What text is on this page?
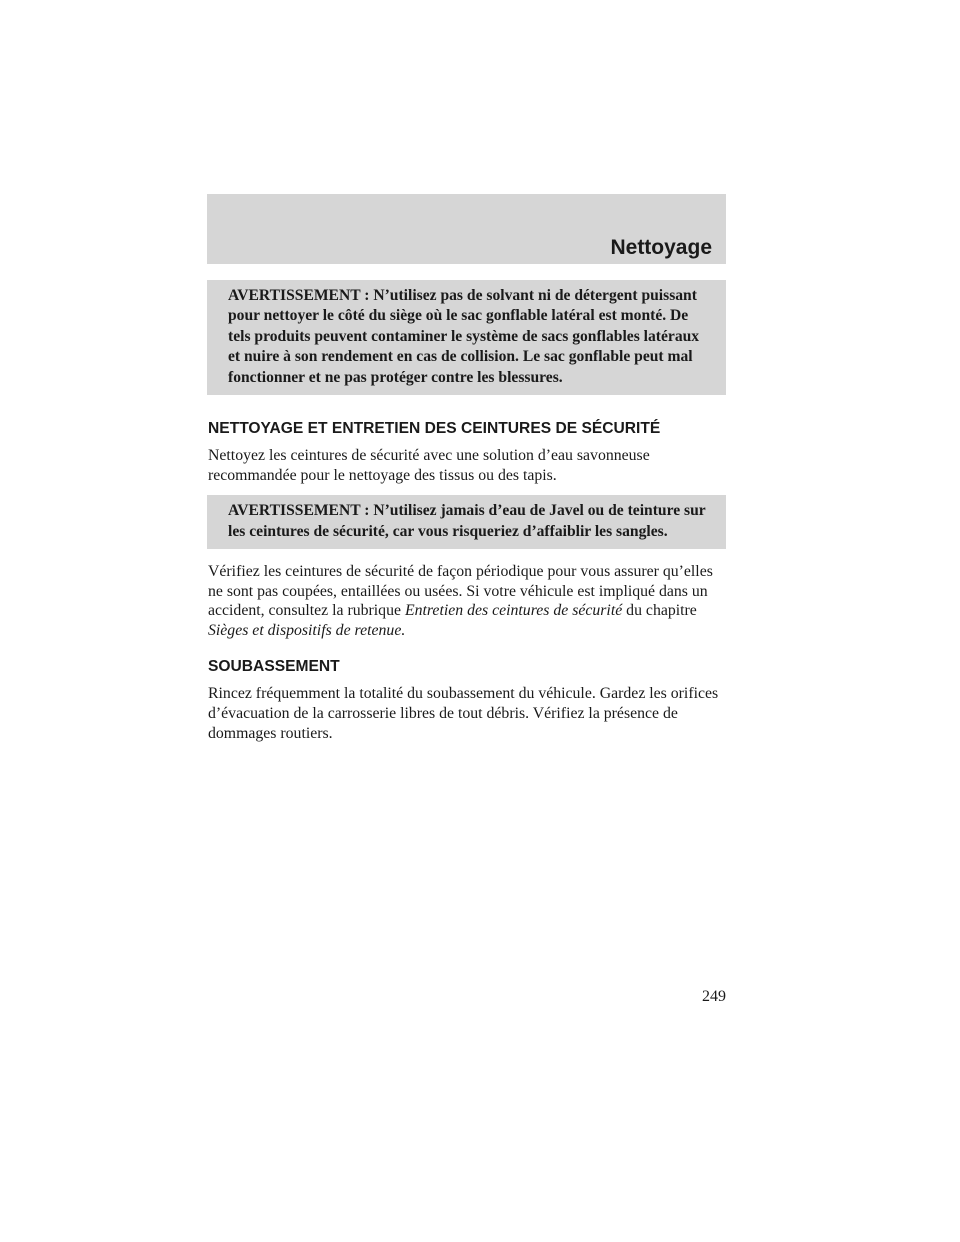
Nettoyage

AVERTISSEMENT : N’utilisez pas de solvant ni de détergent puissant pour nettoyer le côté du siège où le sac gonflable latéral est monté. De tels produits peuvent contaminer le système de sacs gonflables latéraux et nuire à son rendement en cas de collision. Le sac gonflable peut mal fonctionner et ne pas protéger contre les blessures.

NETTOYAGE ET ENTRETIEN DES CEINTURES DE SÉCURITÉ

Nettoyez les ceintures de sécurité avec une solution d’eau savonneuse recommandée pour le nettoyage des tissus ou des tapis.

AVERTISSEMENT : N’utilisez jamais d’eau de Javel ou de teinture sur les ceintures de sécurité, car vous risqueriez d’affaiblir les sangles.

Vérifiez les ceintures de sécurité de façon périodique pour vous assurer qu’elles ne sont pas coupées, entaillées ou usées. Si votre véhicule est impliqué dans un accident, consultez la rubrique Entretien des ceintures de sécurité du chapitre Sièges et dispositifs de retenue.

SOUBASSEMENT

Rincez fréquemment la totalité du soubassement du véhicule. Gardez les orifices d’évacuation de la carrosserie libres de tout débris. Vérifiez la présence de dommages routiers.

249
